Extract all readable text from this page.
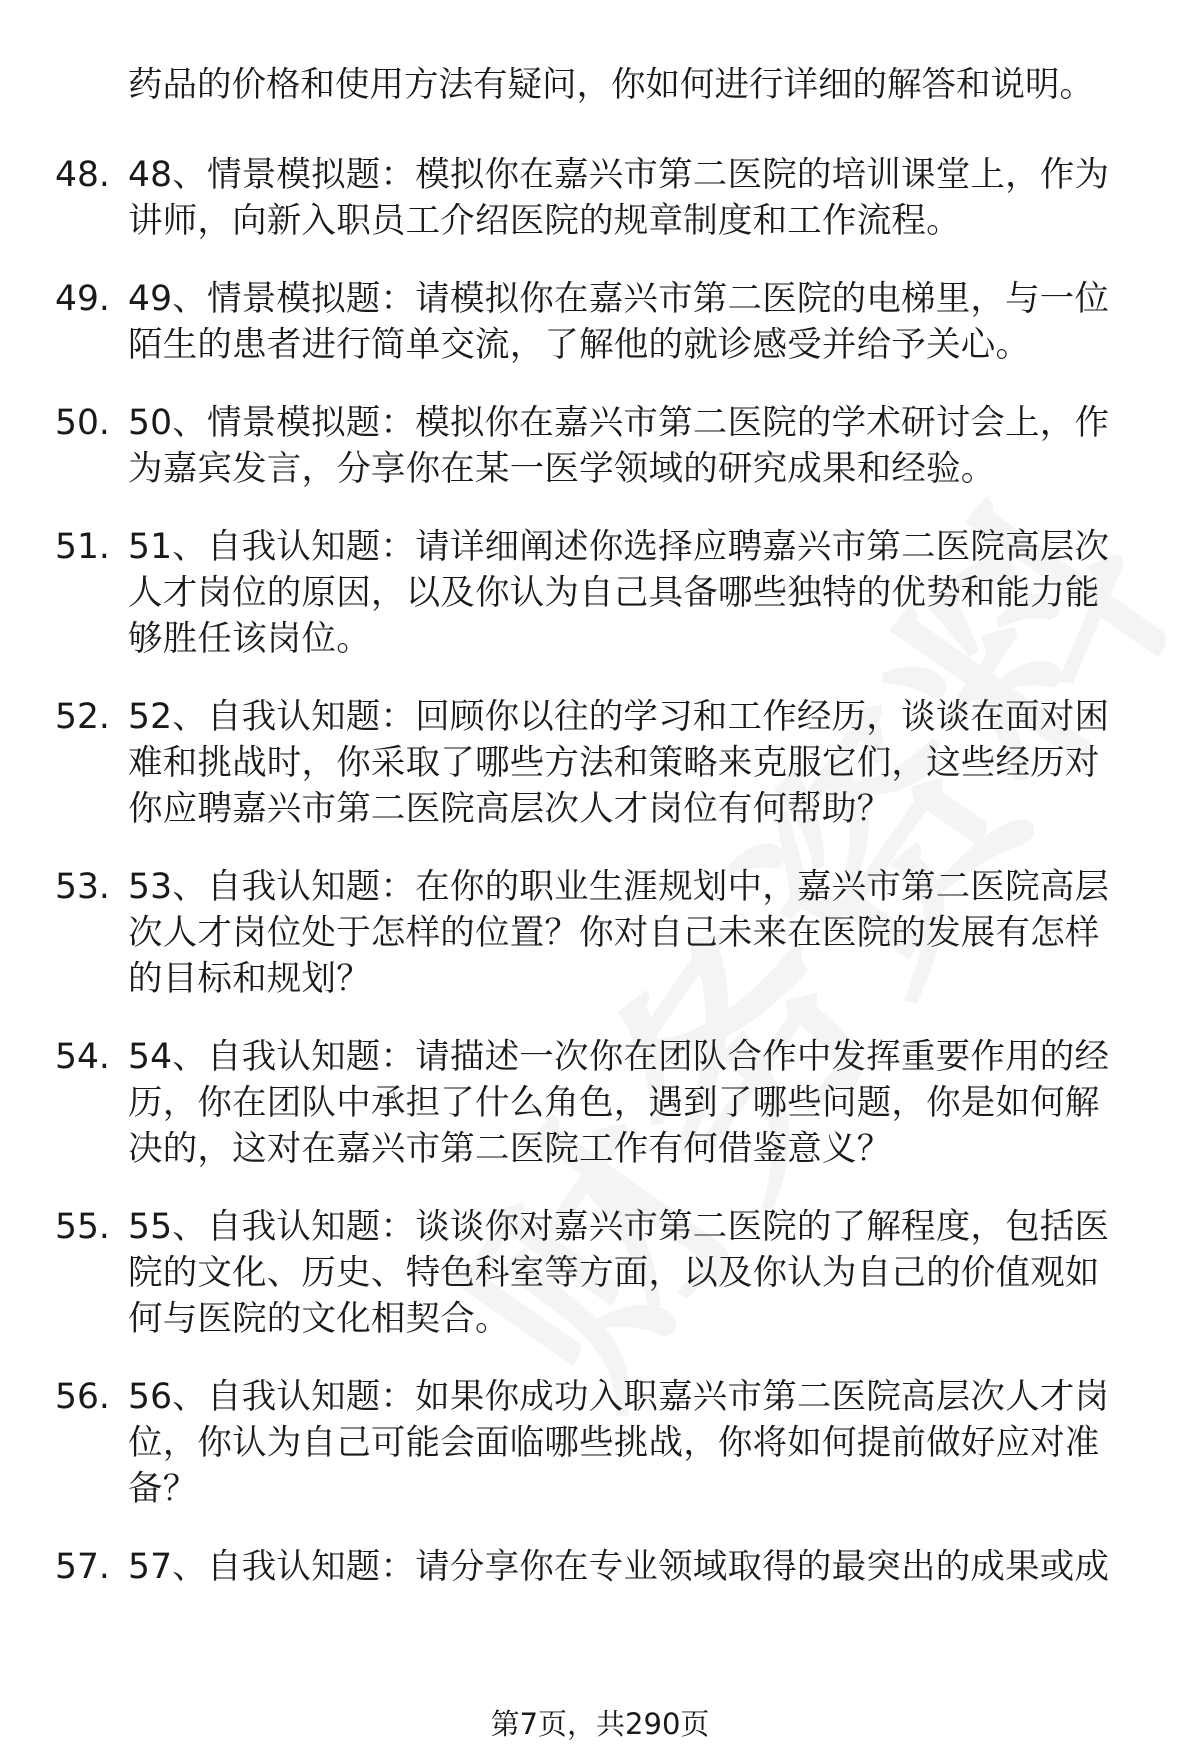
药品的价格和使用方法有疑问，你如何进行详细的解答和说明。
48. 48、情景模拟题：模拟你在嘉兴市第二医院的培训课堂上，作为
讲师，向新入职员工介绍医院的规章制度和工作流程。
49. 49、情景模拟题：请模拟你在嘉兴市第二医院的电梯里，与一位
陌生的患者进行简单交流，了解他的就诊感受并给予关心。
50. 50、情景模拟题：模拟你在嘉兴市第二医院的学术研讨会上，作
为嘉宾发言，分享你在某一医学领域的研究成果和经验。
51. 51、自我认知题：请详细阐述你选择应聘嘉兴市第二医院高层次
人才岗位的原因，以及你认为自己具备哪些独特的优势和能力能
够胜任该岗位。
52. 52、自我认知题：回顾你以往的学习和工作经历，谈谈在面对困
难和挑战时，你采取了哪些方法和策略来克服它们，这些经历对
你应聘嘉兴市第二医院高层次人才岗位有何帮助？
53. 53、自我认知题：在你的职业生涯规划中，嘉兴市第二医院高层
次人才岗位处于怎样的位置？你对自己未来在医院的发展有怎样
的目标和规划？
54. 54、自我认知题：请描述一次你在团队合作中发挥重要作用的经
历，你在团队中承担了什么角色，遇到了哪些问题，你是如何解
决的，这对在嘉兴市第二医院工作有何借鉴意义？
55. 55、自我认知题：谈谈你对嘉兴市第二医院的了解程度，包括医
院的文化、历史、特色科室等方面，以及你认为自己的价值观如
何与医院的文化相契合。
56. 56、自我认知题：如果你成功入职嘉兴市第二医院高层次人才岗
位，你认为自己可能会面临哪些挑战，你将如何提前做好应对准
备？
57. 57、自我认知题：请分享你在专业领域取得的最突出的成果或成
第7页，共290页
